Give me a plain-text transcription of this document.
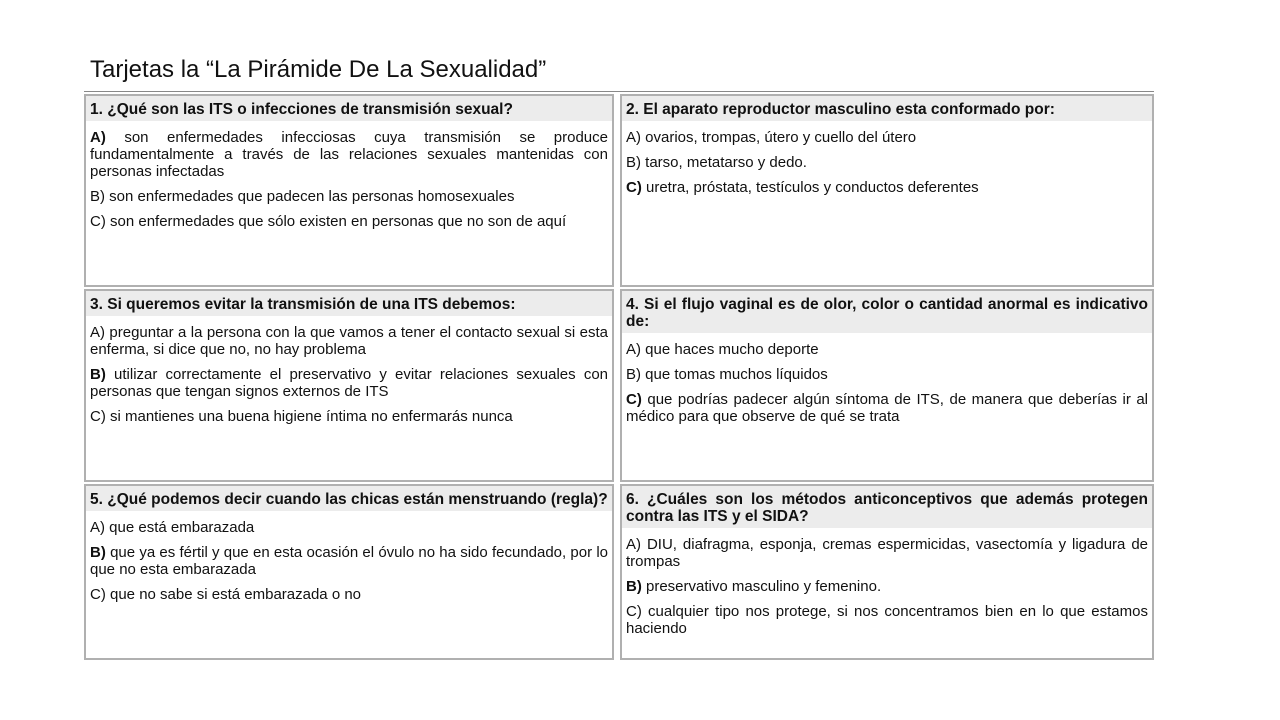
Tarjetas la “La Pirámide De La Sexualidad”
1. ¿Qué son las ITS o infecciones de transmisión sexual?
A) son enfermedades infecciosas cuya transmisión se produce fundamentalmente a través de las relaciones sexuales mantenidas con personas infectadas
B) son enfermedades que padecen las personas homosexuales
C) son enfermedades que sólo existen en personas que no son de aquí
2. El aparato reproductor masculino esta conformado por:
A) ovarios, trompas, útero y cuello del útero
B) tarso, metatarso y dedo.
C) uretra, próstata, testículos y conductos deferentes
3. Si queremos evitar la transmisión de una ITS debemos:
A) preguntar a la persona con la que vamos a tener el contacto sexual si esta enferma, si dice que no, no hay problema
B) utilizar correctamente el preservativo y evitar relaciones sexuales con personas que tengan signos externos de ITS
C) si mantienes una buena higiene íntima no enfermarás nunca
4. Si el flujo vaginal es de olor, color o cantidad anormal es indicativo de:
A) que haces mucho deporte
B) que tomas muchos líquidos
C) que podrías padecer algún síntoma de ITS, de manera que deberías ir al médico para que observe de qué se trata
5. ¿Qué podemos decir cuando las chicas están menstruando (regla)?
A) que está embarazada
B) que ya es fértil y que en esta ocasión el óvulo no ha sido fecundado, por lo que no esta embarazada
C) que no sabe si está embarazada o no
6. ¿Cuáles son los métodos anticonceptivos que además protegen contra las ITS y el SIDA?
A) DIU, diafragma, esponja, cremas espermicidas, vasectomía y ligadura de trompas
B) preservativo masculino y femenino.
C) cualquier tipo nos protege, si nos concentramos bien en lo que estamos haciendo
